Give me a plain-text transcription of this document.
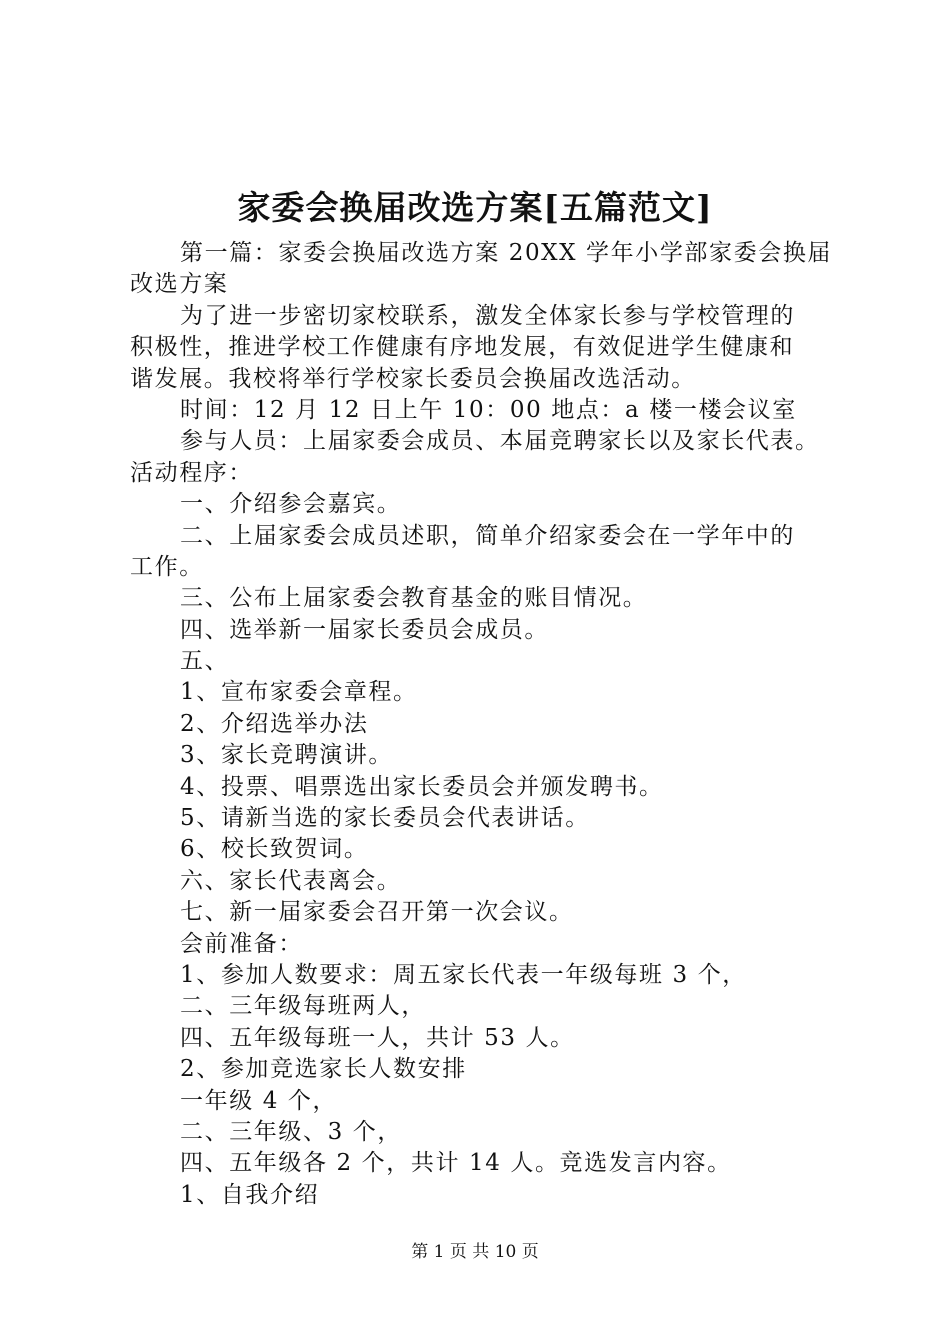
家委会换届改选方案[五篇范文]
第一篇：家委会换届改选方案 20XX 学年小学部家委会换届
改选方案
为了进一步密切家校联系，激发全体家长参与学校管理的
积极性，推进学校工作健康有序地发展，有效促进学生健康和
谐发展。我校将举行学校家长委员会换届改选活动。
时间：12 月 12 日上午 10：00 地点：a 楼一楼会议室
参与人员：上届家委会成员、本届竞聘家长以及家长代表。
活动程序：
一、介绍参会嘉宾。
二、上届家委会成员述职，简单介绍家委会在一学年中的
工作。
三、公布上届家委会教育基金的账目情况。
四、选举新一届家长委员会成员。
五、
1、宣布家委会章程。
2、介绍选举办法
3、家长竞聘演讲。
4、投票、唱票选出家长委员会并颁发聘书。
5、请新当选的家长委员会代表讲话。
6、校长致贺词。
六、家长代表离会。
七、新一届家委会召开第一次会议。
会前准备：
1、参加人数要求：周五家长代表一年级每班 3 个，
二、三年级每班两人，
四、五年级每班一人，共计 53 人。
2、参加竞选家长人数安排
一年级 4 个，
二、三年级、3 个，
四、五年级各 2 个，共计 14 人。竞选发言内容。
1、自我介绍
第 1 页 共 10 页
